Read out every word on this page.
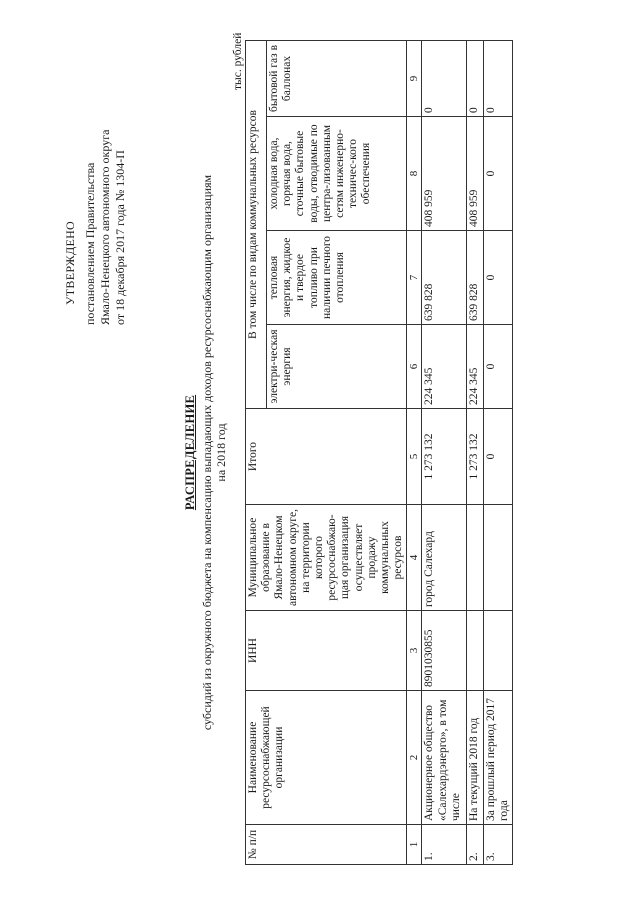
УТВЕРЖДЕНО постановлением Правительства Ямало-Ненецкого автономного округа от 18 декабря 2017 года № 1304-П
РАСПРЕДЕЛЕНИЕ субсидий из окружного бюджета на компенсацию выпадающих доходов ресурсоснабжающим организациям на 2018 год
тыс. рублей
№ п/п	Наименование ресурсоснабжающей организации	ИНН	Муниципальное образование в Ямало-Ненецком автономном округе, на территории которого ресурсоснабжаю-щая организация осуществляет продажу коммунальных ресурсов	Итого	В том числе по видам коммунальных ресурсов			
					электри-ческая энергия	тепловая энергия, жидкое и твердое топливо при наличии печного отопления	холодная вода, горячая вода, сточные бытовые воды, отводимые по центра-лизованным сетям инженерно-техничес-кого обеспечения	бытовой газ в баллонах
1	2	3	4	5	6	7	8	9
1.	Акционерное общество «Салехардэнерго», в том числе	8901030855	город Салехард	1 273 132	224 345	639 828	408 959	0
2.	На текущий 2018 год			1 273 132	224 345	639 828	408 959	0
3.	За прошлый период 2017 года			0	0	0	0	0
